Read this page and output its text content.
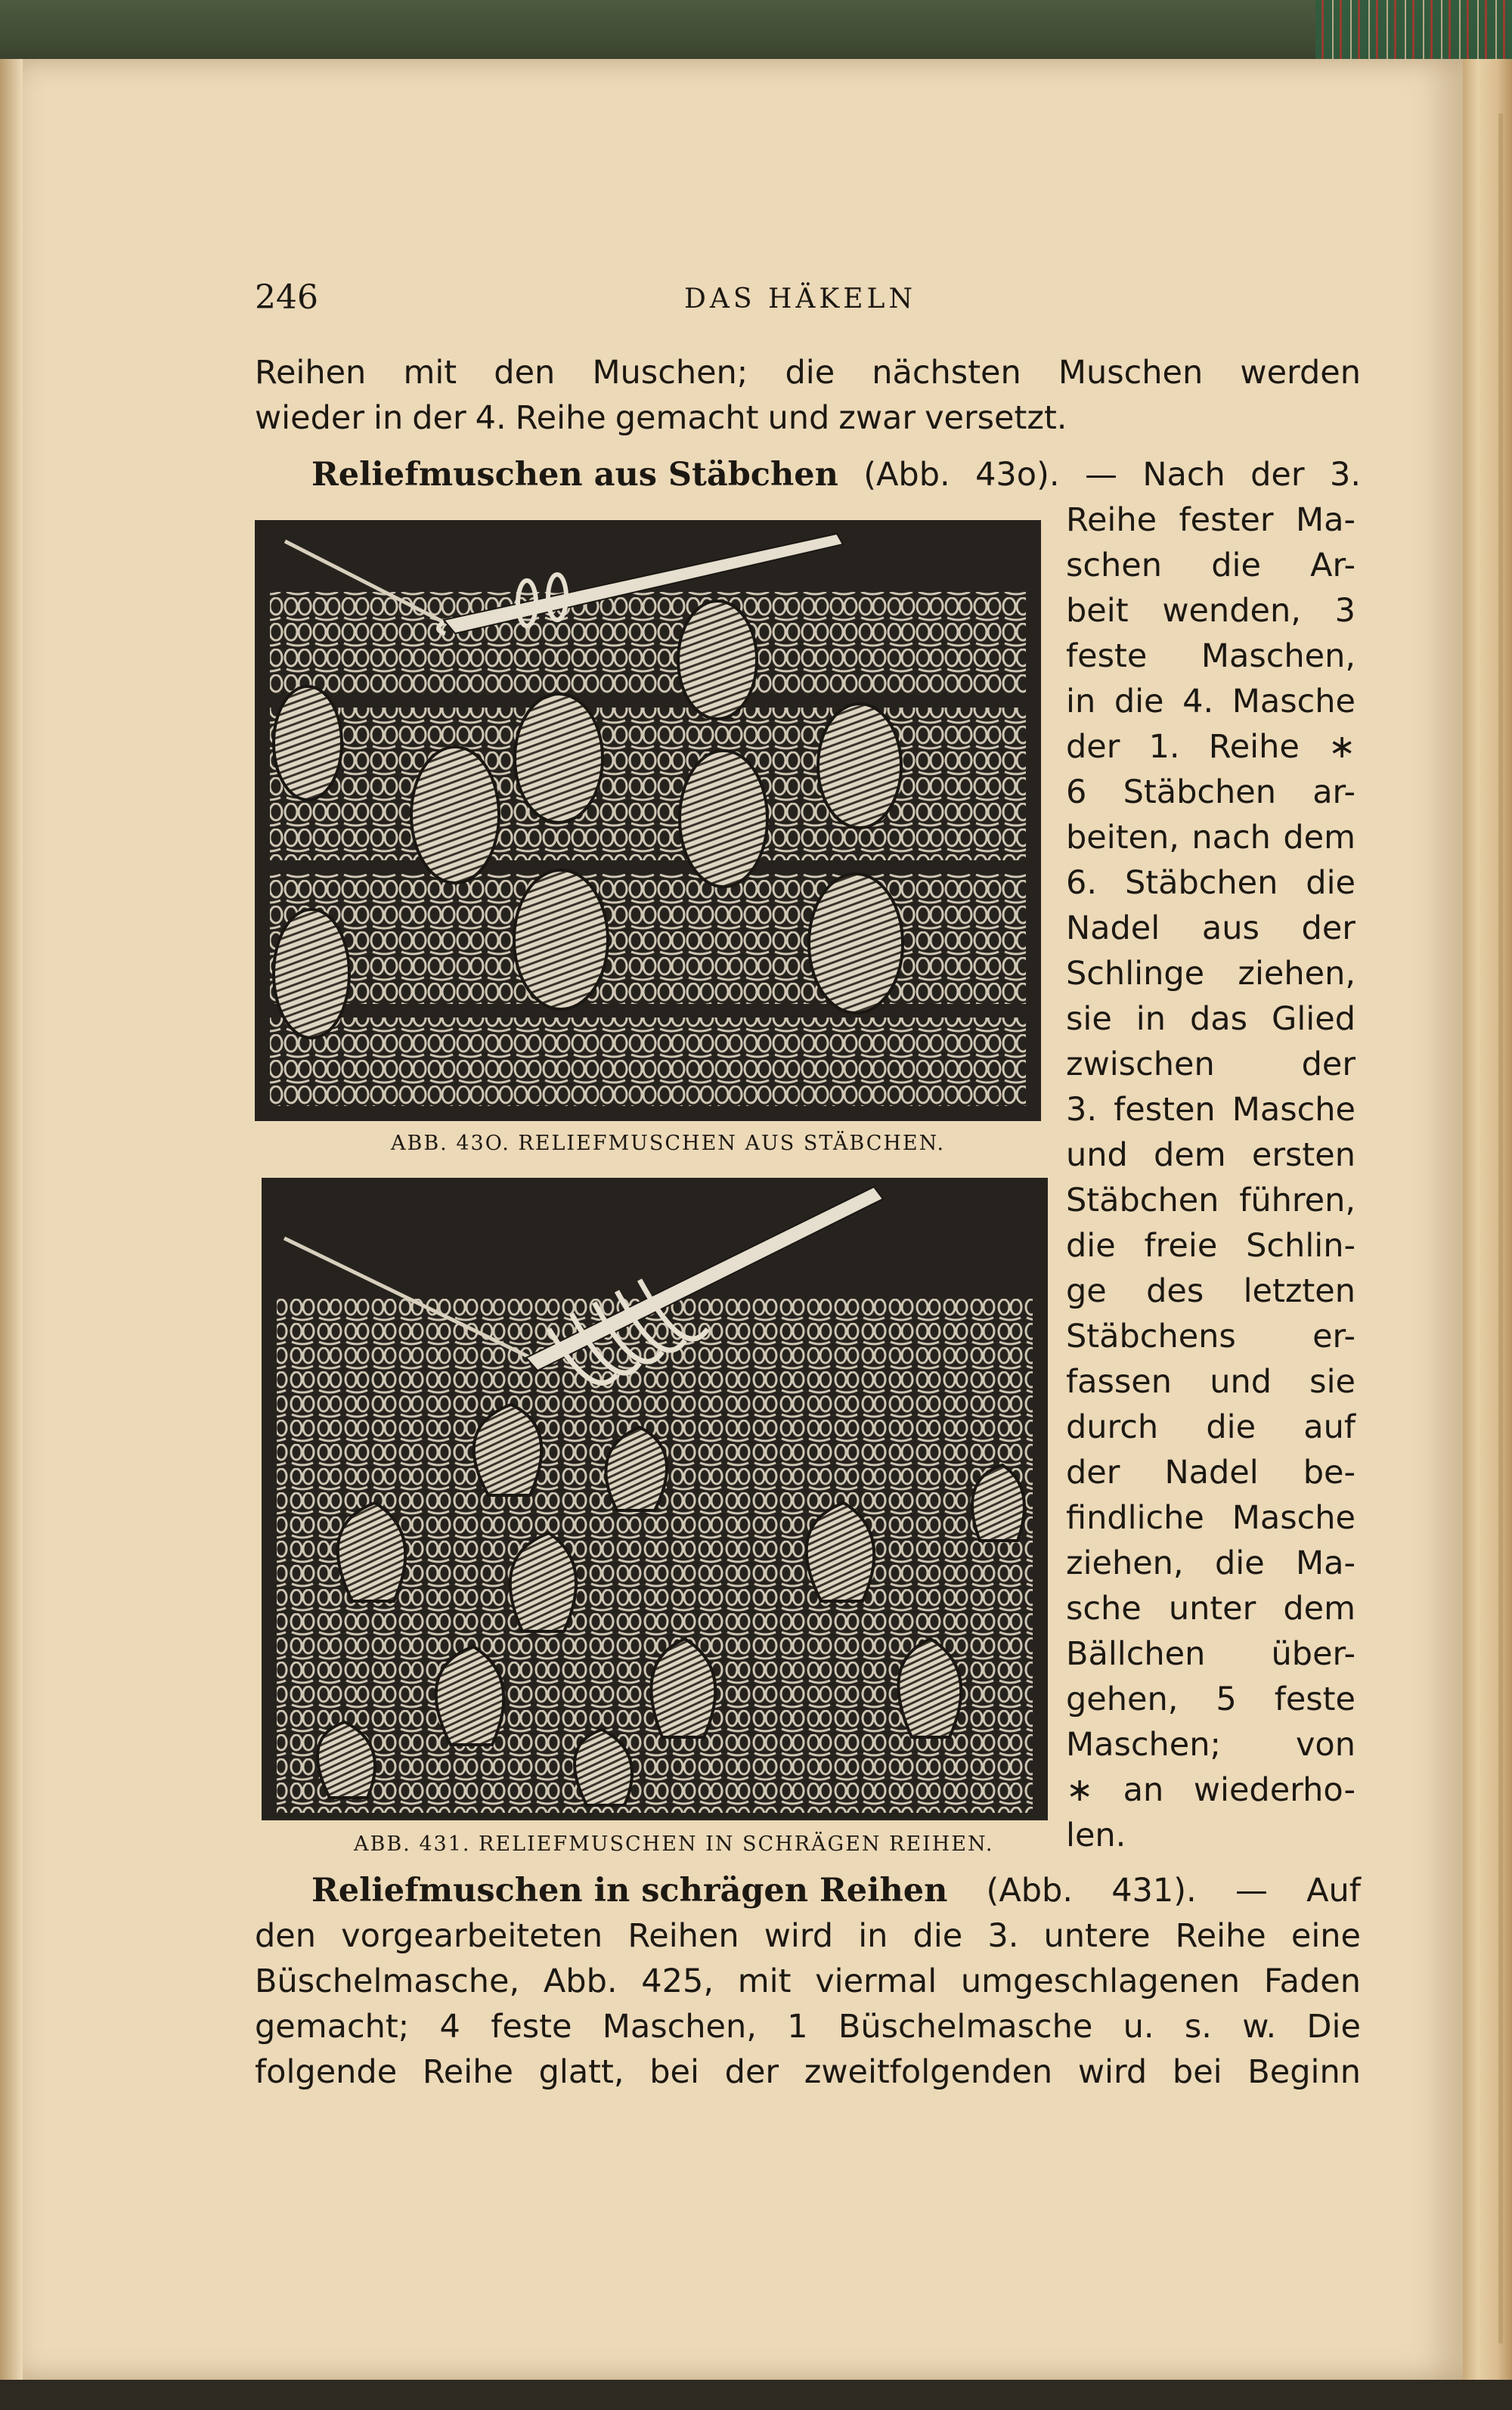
246	DAS HÄKELN
Reihen mit den Muschen; die nächsten Muschen werden
wieder in der 4. Reihe gemacht und zwar versetzt.
Reliefmuschen aus Stäbchen (Abb. 43o). — Nach der 3.
Reihe fester Ma-
schen die Ar-
beit wenden, 3
feste Maschen,
in die 4. Masche
der 1. Reihe ∗
6 Stäbchen ar-
beiten, nach dem
6. Stäbchen die
Nadel aus der
Schlinge ziehen,
sie in das Glied
zwischen	der
3. festen Masche
und dem ersten
Stäbchen führen,
die freie Schlin-
ge des letzten
Stäbchens er-
fassen und sie
durch die auf
der Nadel be-
findliche Masche
ziehen, die Ma-
sche unter dem
Bällchen über-
gehen, 5 feste
Maschen; von
∗ an wiederho-
len.
ABB. 43O. RELIEFMUSCHEN AUS STÄBCHEN.
ABB. 431. RELIEFMUSCHEN IN SCHRÄGEN REIHEN.
Reliefmuschen in schrägen Reihen (Abb. 431). — Auf
den vorgearbeiteten Reihen wird in die 3. untere Reihe eine
Büschelmasche, Abb. 425, mit viermal umgeschlagenen Faden
gemacht; 4 feste Maschen, 1 Büschelmasche u. s. w. Die
folgende Reihe glatt, bei der zweitfolgenden wird bei Beginn
